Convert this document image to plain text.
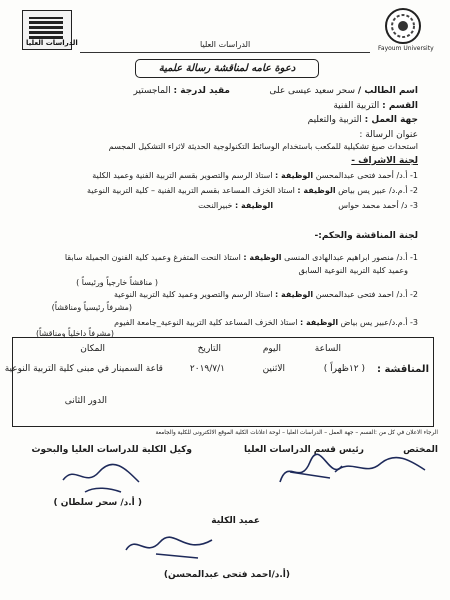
الدراسات العليا
Fayoum University
الدراسات العليا
دعوة عامه لمناقشة رسالة علمية
اسم الطالب / سحر سعيد عيسى على
مقيد لدرجة : الماجستير
القسم : التربية الفنية
جهة العمل : التربية والتعليم
عنوان الرسالة :
استحداث صيغ تشكيلية للمكعب باستخدام الوسائط التكنولوجية الحديثة لاثراء التشكيل المجسم
لجنة الاشراف -
1- أ.د/ أحمد فتحى عبدالمحسن الوظيفة : استاذ الرسم والتصوير بقسم التربية الفنية وعميد الكلية
2- أ.م.د/ عبير يس بياض الوظيفة : استاذ الخزف المساعد بقسم التربية الفنية – كلية التربية النوعية
3- د/ أحمد محمد حواس  الوظيفة : خبيرالنحت
لجنة المناقشة والحكم:-
1- أ.د/ منصور ابراهيم عبدالهادى المنسى الوظيفة : استاذ النحت المتفرغ وعميد كلية الفنون الجميلة سابقا
وعميد كلية التربية النوعية السابق
( مناقشاً خارجياً ورئيساً )
2- أ.د/ احمد فتحى عبدالمحسن الوظيفة : استاذ الرسم والتصوير وعميد كلية التربية النوعية
(مشرفاً رئيسياً ومناقشاً)
3- أ.م.د/عبير يس بياض الوظيفة : استاذ الخزف المساعد كلية التربية النوعية_جامعة الفيوم
(مشرفاً داخلياً ومناقشاً)
الساعة
اليوم
التاريخ
المكان
المناقشة :
( ١٢ظهراً )
الاثنين
٢٠١٩/٧/١
قاعة السمينار في مبنى كلية التربية النوعية
الدور الثانى
الرجاء الاعلان في كل من :القسم – جهة العمل – الدراسات العليا – لوحة اعلانات الكلية الموقع الالكترونى للكلية والجامعة
المختص
رئيس قسم الدراسات العليا
وكيل الكلية للدراسات العليا والبحوث
( أ.د/ سحر سلطان )
عميد الكلية
(أ.د/احمد فتحى عبدالمحسن)
